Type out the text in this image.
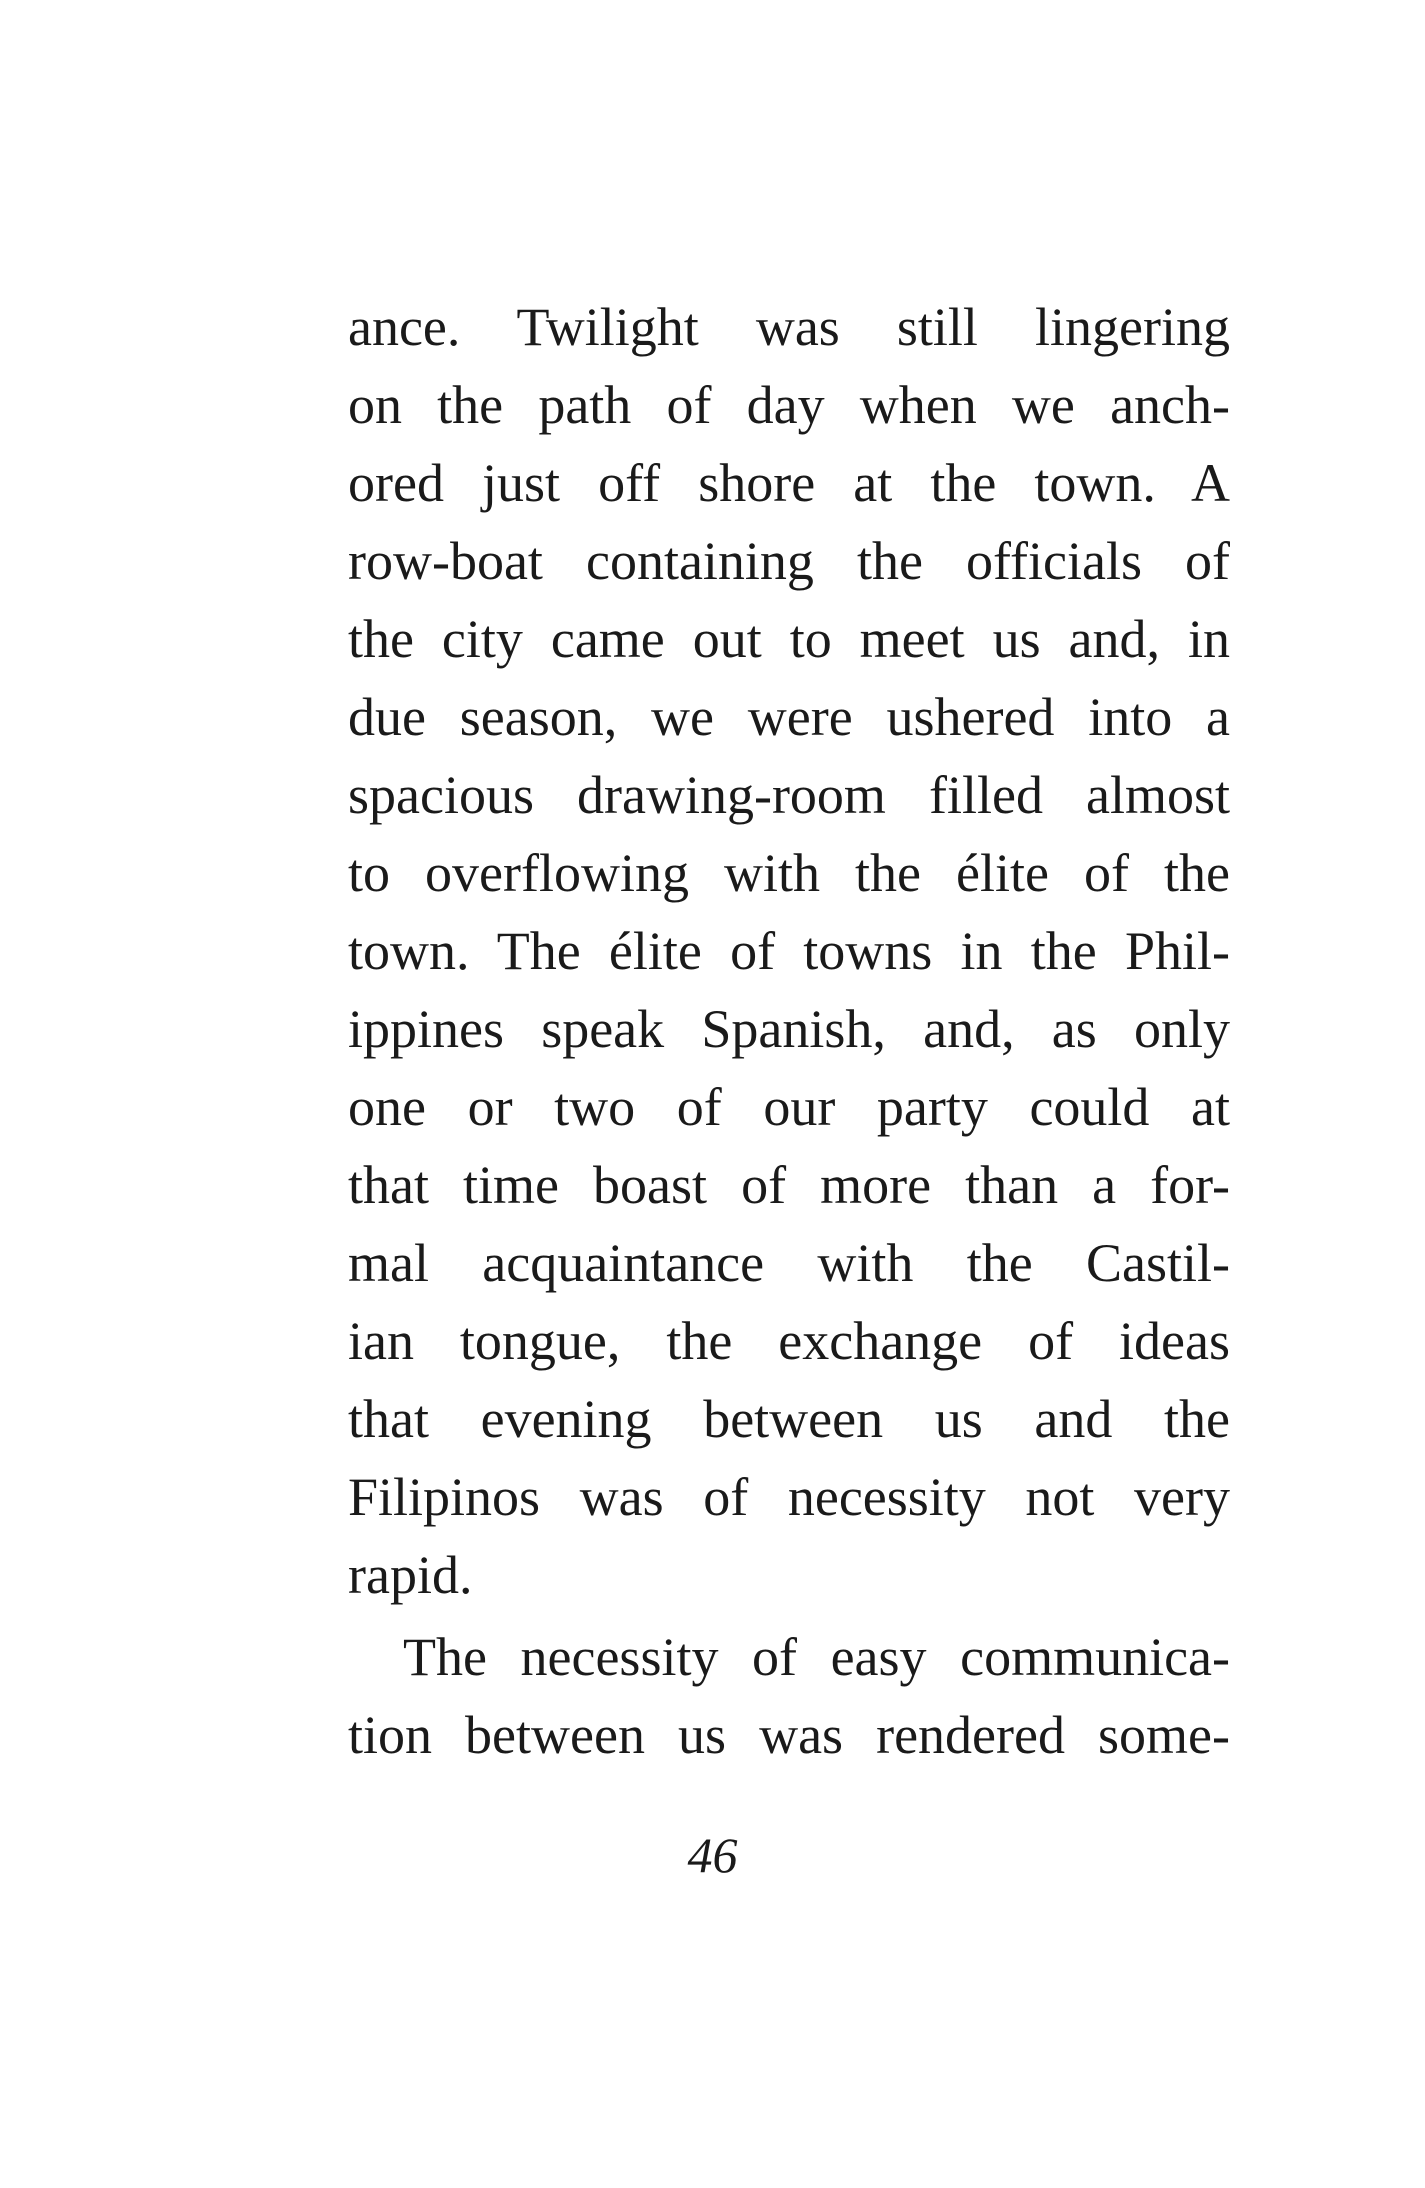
ance. Twilight was still lingering
on the path of day when we anch-
ored just off shore at the town. A
row-boat containing the officials of
the city came out to meet us and, in
due season, we were ushered into a
spacious drawing-room filled almost
to overflowing with the élite of the
town. The élite of towns in the Phil-
ippines speak Spanish, and, as only
one or two of our party could at
that time boast of more than a for-
mal acquaintance with the Castil-
ian tongue, the exchange of ideas
that evening between us and the
Filipinos was of necessity not very
rapid.
The necessity of easy communica-
tion between us was rendered some-
46
